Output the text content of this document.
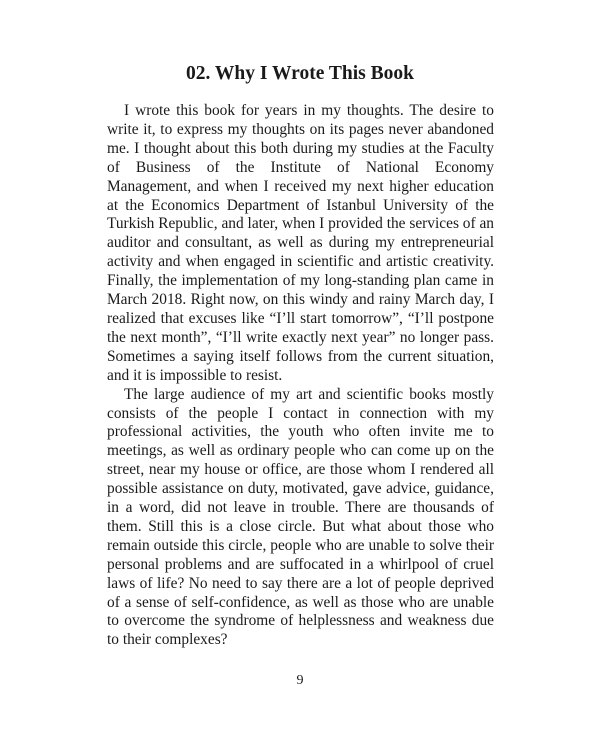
02. Why I Wrote This Book

I wrote this book for years in my thoughts. The desire to write it, to express my thoughts on its pages never abandoned me. I thought about this both during my studies at the Faculty of Business of the Institute of National Economy Management, and when I received my next higher education at the Economics Department of Istanbul University of the Turkish Republic, and later, when I provided the services of an auditor and consultant, as well as during my entrepreneurial activity and when engaged in scientific and artistic creativity. Finally, the implementation of my long-standing plan came in March 2018. Right now, on this windy and rainy March day, I realized that excuses like “I’ll start tomorrow”, “I’ll postpone the next month”, “I’ll write exactly next year” no longer pass. Sometimes a saying itself follows from the current situation, and it is impossible to resist.

The large audience of my art and scientific books mostly consists of the people I contact in connection with my professional activities, the youth who often invite me to meetings, as well as ordinary people who can come up on the street, near my house or office, are those whom I rendered all possible assistance on duty, motivated, gave advice, guidance, in a word, did not leave in trouble. There are thousands of them. Still this is a close circle. But what about those who remain outside this circle, people who are unable to solve their personal problems and are suffocated in a whirlpool of cruel laws of life? No need to say there are a lot of people deprived of a sense of self-confidence, as well as those who are unable to overcome the syndrome of helplessness and weakness due to their complexes?

9
